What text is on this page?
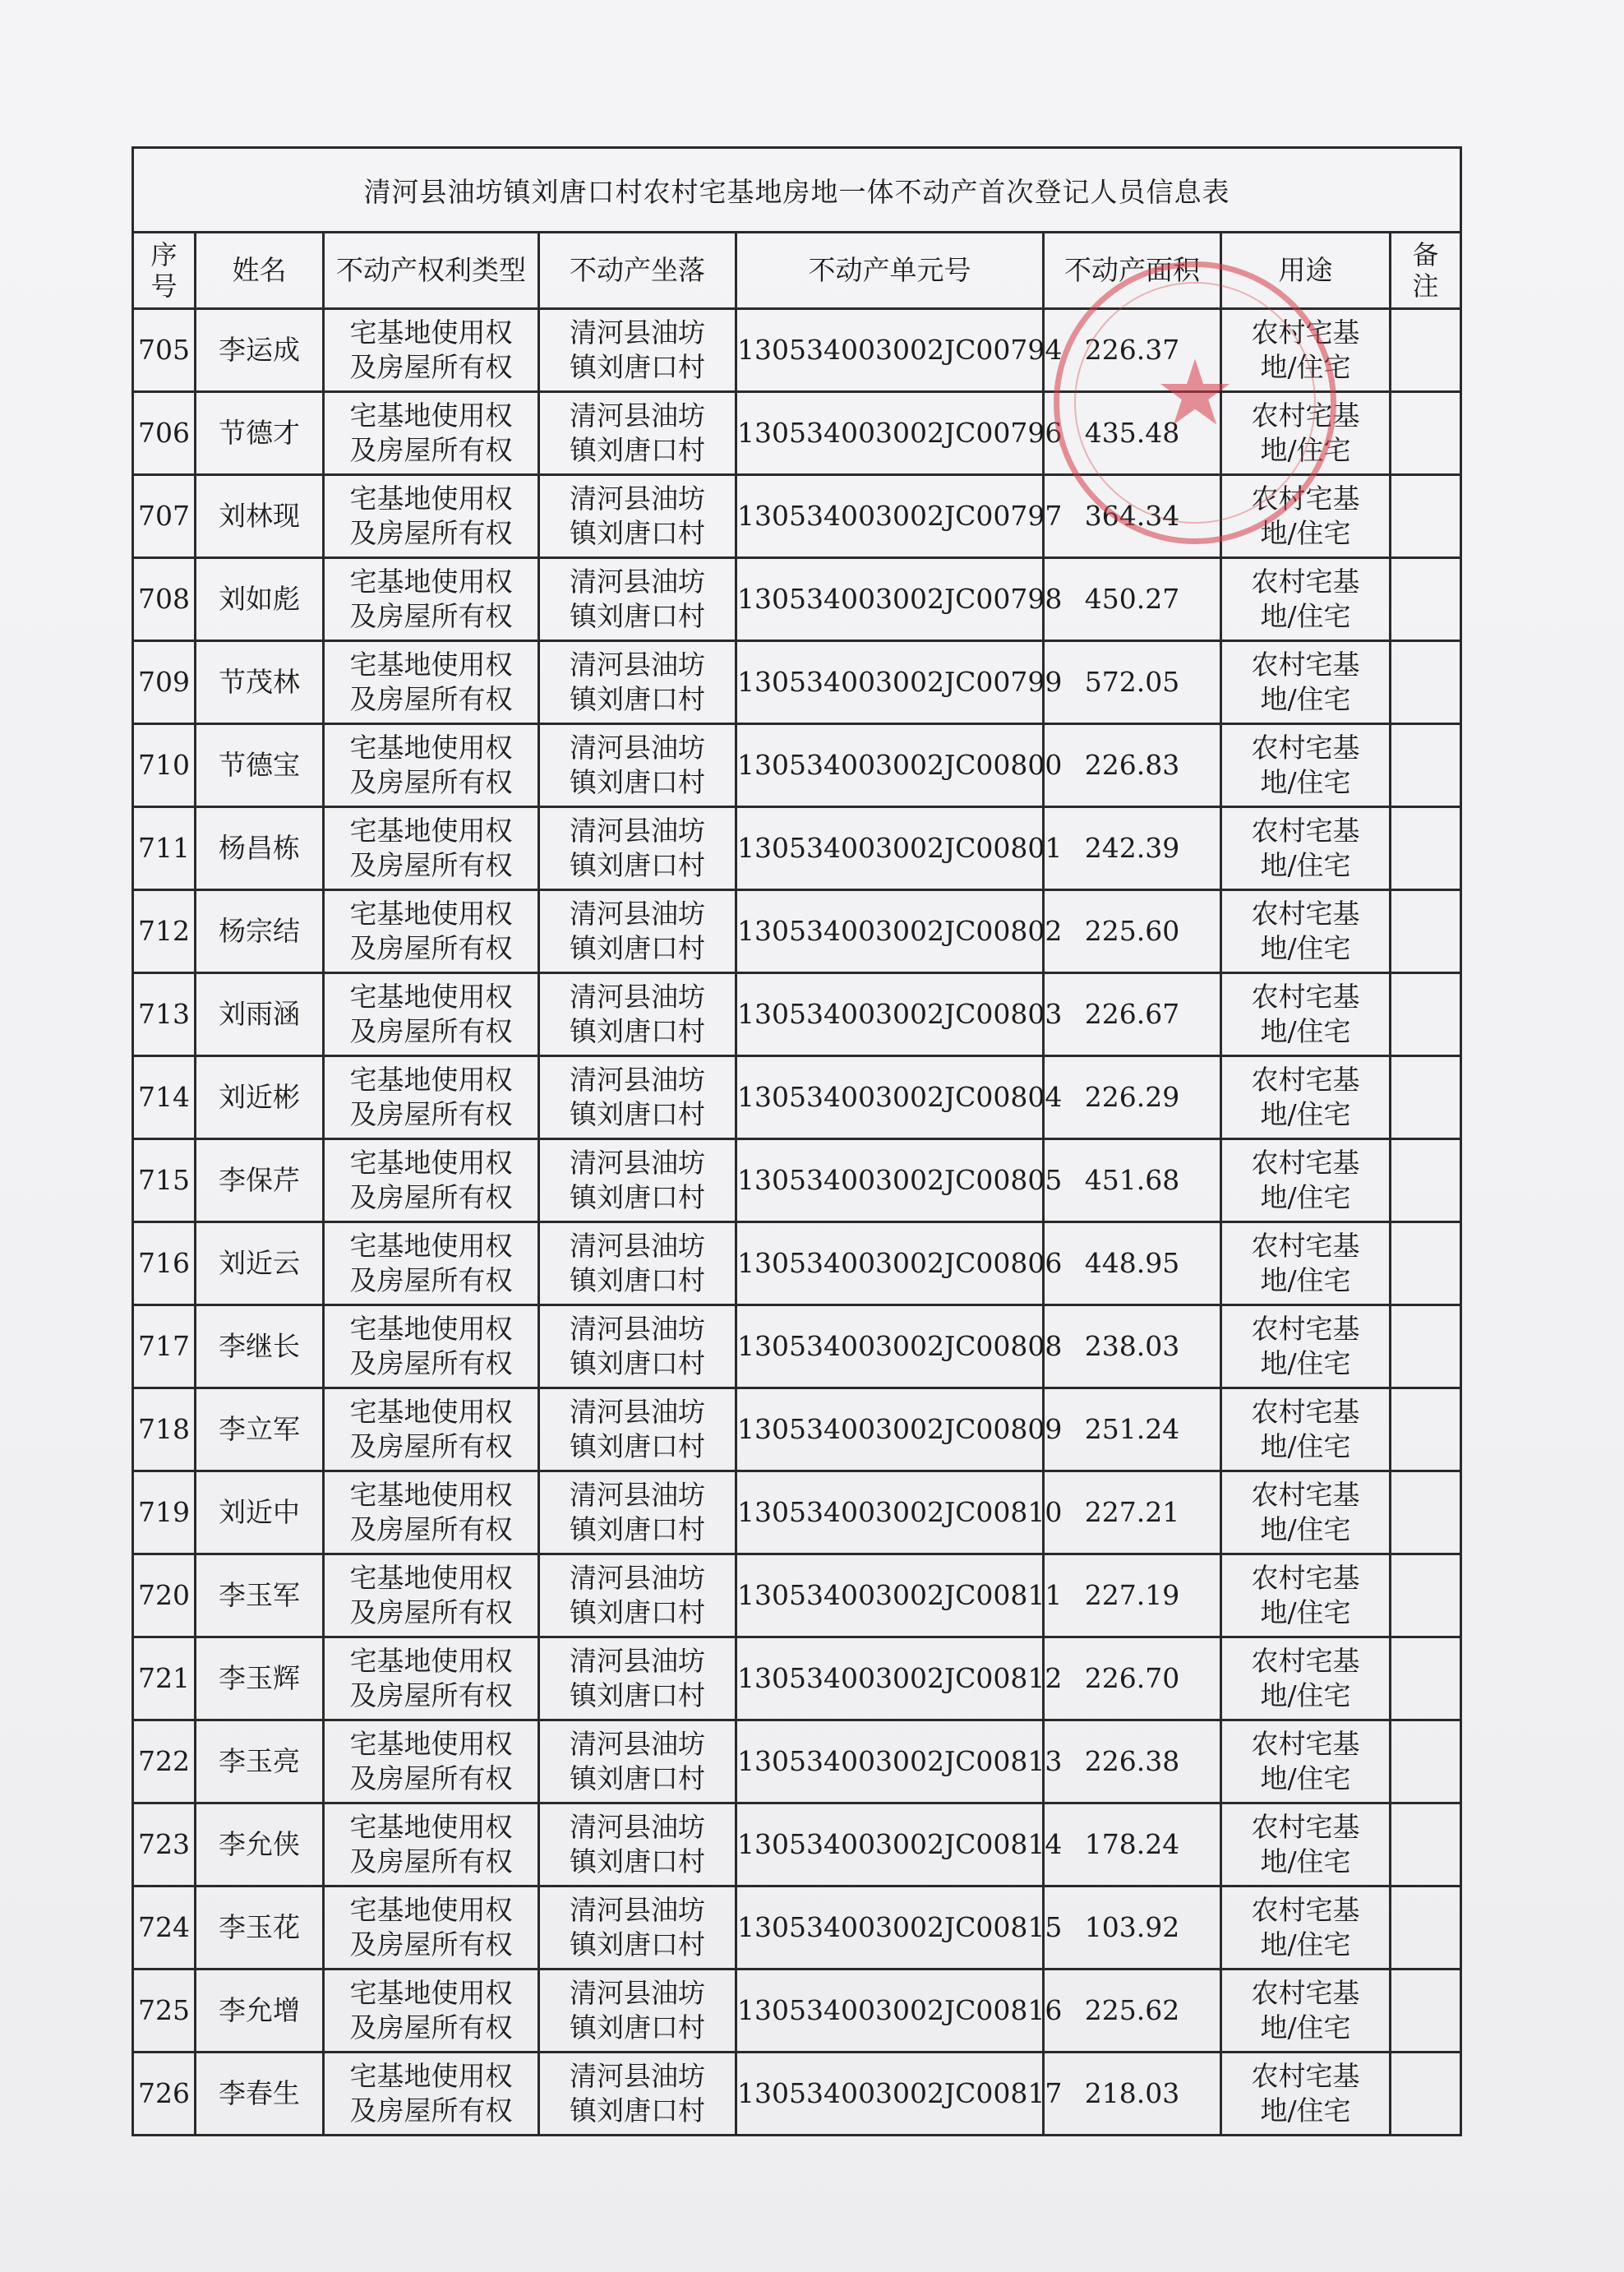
清河县油坊镇刘唐口村农村宅基地房地一体不动产首次登记人员信息表							
序号	姓名	不动产权利类型	不动产坐落	不动产单元号	不动产面积	用途	备注
705	李运成	宅基地使用权及房屋所有权	清河县油坊镇刘唐口村	130534003002JC00794	226.37	农村宅基地/住宅	
706	节德才	宅基地使用权及房屋所有权	清河县油坊镇刘唐口村	130534003002JC00796	435.48	农村宅基地/住宅	
707	刘林现	宅基地使用权及房屋所有权	清河县油坊镇刘唐口村	130534003002JC00797	364.34	农村宅基地/住宅	
708	刘如彪	宅基地使用权及房屋所有权	清河县油坊镇刘唐口村	130534003002JC00798	450.27	农村宅基地/住宅	
709	节茂林	宅基地使用权及房屋所有权	清河县油坊镇刘唐口村	130534003002JC00799	572.05	农村宅基地/住宅	
710	节德宝	宅基地使用权及房屋所有权	清河县油坊镇刘唐口村	130534003002JC00800	226.83	农村宅基地/住宅	
711	杨昌栋	宅基地使用权及房屋所有权	清河县油坊镇刘唐口村	130534003002JC00801	242.39	农村宅基地/住宅	
712	杨宗结	宅基地使用权及房屋所有权	清河县油坊镇刘唐口村	130534003002JC00802	225.60	农村宅基地/住宅	
713	刘雨涵	宅基地使用权及房屋所有权	清河县油坊镇刘唐口村	130534003002JC00803	226.67	农村宅基地/住宅	
714	刘近彬	宅基地使用权及房屋所有权	清河县油坊镇刘唐口村	130534003002JC00804	226.29	农村宅基地/住宅	
715	李保芹	宅基地使用权及房屋所有权	清河县油坊镇刘唐口村	130534003002JC00805	451.68	农村宅基地/住宅	
716	刘近云	宅基地使用权及房屋所有权	清河县油坊镇刘唐口村	130534003002JC00806	448.95	农村宅基地/住宅	
717	李继长	宅基地使用权及房屋所有权	清河县油坊镇刘唐口村	130534003002JC00808	238.03	农村宅基地/住宅	
718	李立军	宅基地使用权及房屋所有权	清河县油坊镇刘唐口村	130534003002JC00809	251.24	农村宅基地/住宅	
719	刘近中	宅基地使用权及房屋所有权	清河县油坊镇刘唐口村	130534003002JC00810	227.21	农村宅基地/住宅	
720	李玉军	宅基地使用权及房屋所有权	清河县油坊镇刘唐口村	130534003002JC00811	227.19	农村宅基地/住宅	
721	李玉辉	宅基地使用权及房屋所有权	清河县油坊镇刘唐口村	130534003002JC00812	226.70	农村宅基地/住宅	
722	李玉亮	宅基地使用权及房屋所有权	清河县油坊镇刘唐口村	130534003002JC00813	226.38	农村宅基地/住宅	
723	李允侠	宅基地使用权及房屋所有权	清河县油坊镇刘唐口村	130534003002JC00814	178.24	农村宅基地/住宅	
724	李玉花	宅基地使用权及房屋所有权	清河县油坊镇刘唐口村	130534003002JC00815	103.92	农村宅基地/住宅	
725	李允增	宅基地使用权及房屋所有权	清河县油坊镇刘唐口村	130534003002JC00816	225.62	农村宅基地/住宅	
726	李春生	宅基地使用权及房屋所有权	清河县油坊镇刘唐口村	130534003002JC00817	218.03	农村宅基地/住宅	
★
